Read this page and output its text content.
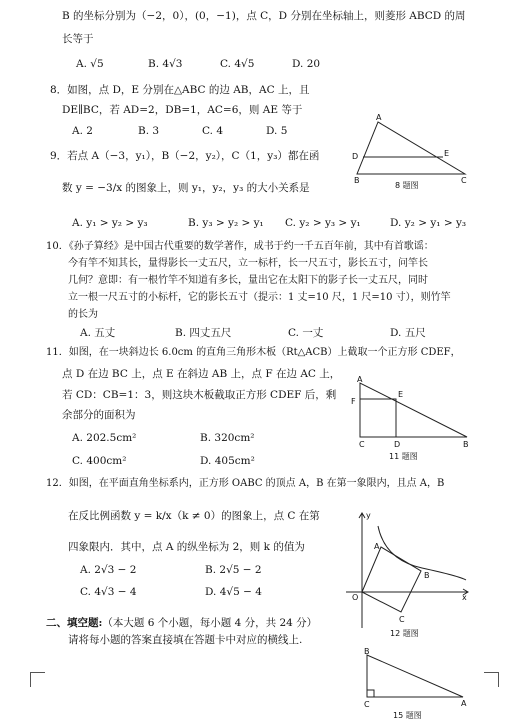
B 的坐标分别为（−2，0），(0，−1)，点 C，D 分别在坐标轴上，则菱形 ABCD 的周
长等于
A. √5	B. 4√3	C. 4√5	D. 20
8．如图，点 D，E 分别在△ABC 的边 AB，AC 上，且
DE∥BC，若 AD=2，DB=1，AC=6，则 AE 等于
A. 2	B. 3	C. 4	D. 5
A
D	E
B	C
8 题图
9．若点 A（−3，y₁），B（−2，y₂），C（1，y₃）都在函
数 y = −3/x 的图象上，则 y₁，y₂，y₃ 的大小关系是
A. y₁ > y₂ > y₃	B. y₃ > y₂ > y₁ C. y₂ > y₃ > y₁	D. y₂ > y₁ > y₃
10．《孙子算经》是中国古代重要的数学著作，成书于约一千五百年前，其中有首歌谣：
今有竿不知其长，量得影长一丈五尺，立一标杆，长一尺五寸，影长五寸，问竿长
几何？意即：有一根竹竿不知道有多长，量出它在太阳下的影子长一丈五尺，同时
立一根一尺五寸的小标杆，它的影长五寸（提示：1 丈=10 尺，1 尺=10 寸），则竹竿
的长为
A. 五丈	B. 四丈五尺	C. 一丈	D. 五尺
11．如图，在一块斜边长 6.0cm 的直角三角形木板（Rt△ACB）上截取一个正方形 CDEF，
点 D 在边 BC 上，点 E 在斜边 AB 上，点 F 在边 AC 上，
若 CD：CB=1：3，则这块木板截取正方形 CDEF 后，剩
余部分的面积为
A. 202.5cm²	B. 320cm²
C. 400cm²	D. 405cm²
A
E
F
C	D	B
11 题图
12．如图，在平面直角坐标系内，正方形 OABC 的顶点 A，B 在第一象限内，且点 A，B
在反比例函数 y = k/x（k ≠ 0）的图象上，点 C 在第
四象限内．其中，点 A 的纵坐标为 2，则 k 的值为
A. 2√3 − 2	B. 2√5 − 2
C. 4√3 − 4	D. 4√5 − 4
y
A
B
O	x
C
12 题图
二、填空题:（本大题 6 个小题，每小题 4 分，共 24 分）
请将每小题的答案直接填在答题卡中对应的横线上.
B
C	A
15 题图
